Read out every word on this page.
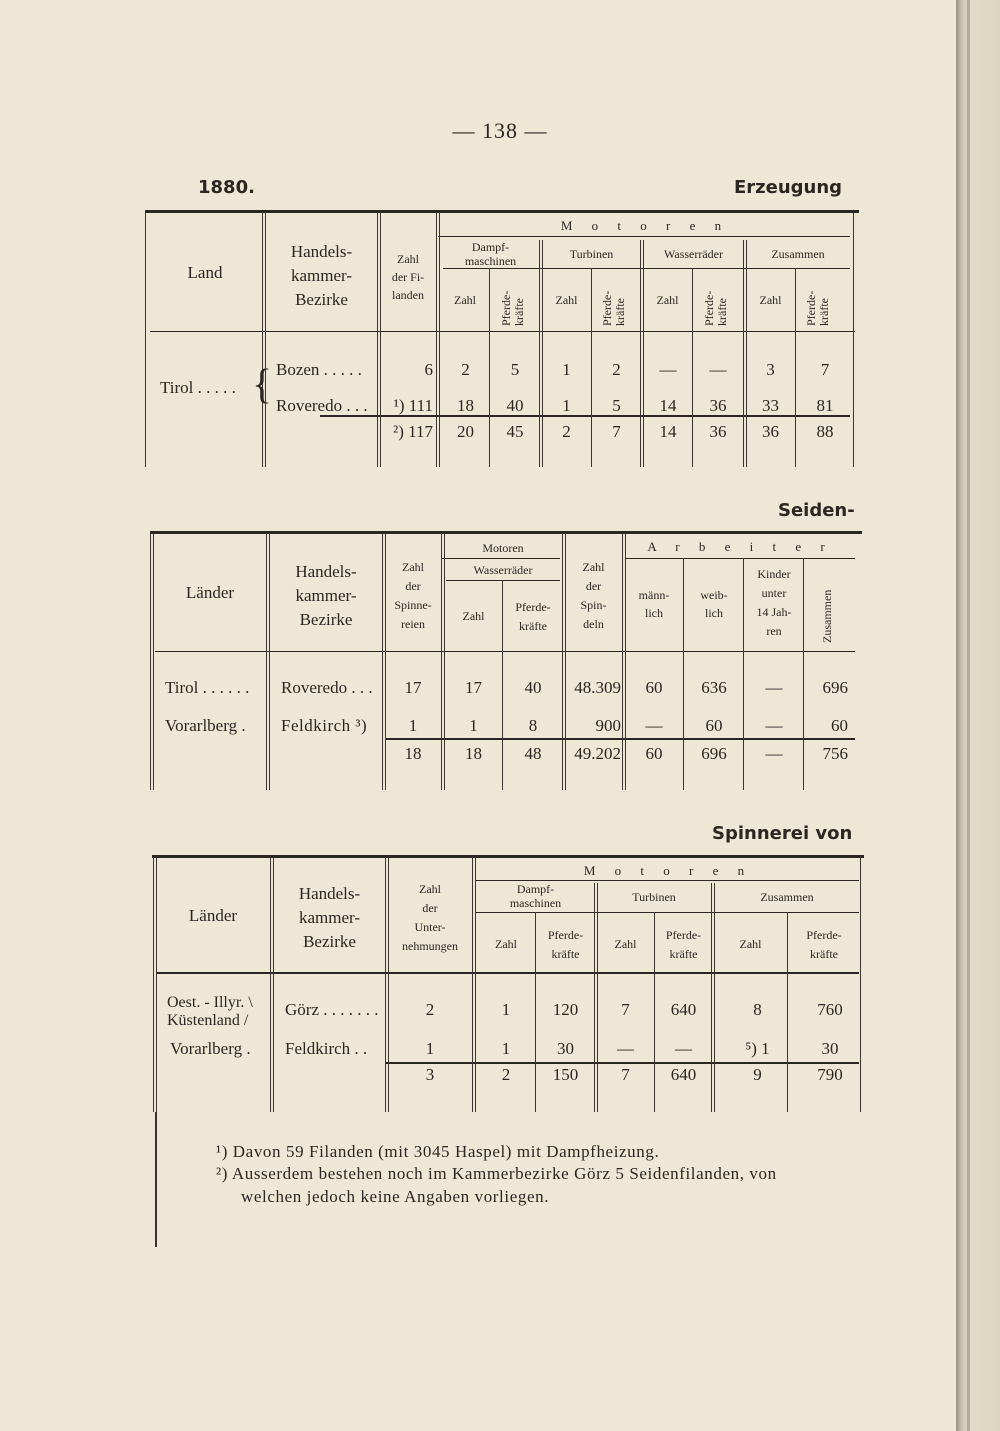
— 138 —
1880.	Erzeugung
Land
Handels-
kammer-
Bezirke
Zahl
der Fi-
landen
M o t o r e n
Dampf-
maschinen	Turbinen	Wasserräder	Zusammen
Zahl	Zahl	Zahl	Zahl
Pferde-
kräfte	Pferde-
kräfte	Pferde-
kräfte	Pferde-
kräfte
Tirol . . . . . { Bozen . . . . .	6	2	5	1	2	—	—	3	7
Roveredo . . .	¹) 111	18	40	1	5	14	36	33	81
²) 117	20	45	2	7	14	36	36	88
Seiden-
Länder
Handels-
kammer-
Bezirke
Zahl
der
Spinne-
reien
Motoren
Wasserräder
Zahl
Pferde-
kräfte
Zahl
der
Spin-
deln
A r b e i t e r
männ-
lich
weib-
lich
Kinder
unter
14 Jah-
ren	Zusammen
Tirol . . . . . . Roveredo . . .	17	17	40	48.309	60	636	—	696
Vorarlberg . Feldkirch ³)	1	1	8	900	—	60	—	60
18	18	48	49.202	60	696	—	756
Spinnerei von
Länder
Handels-
kammer-
Bezirke
Zahl
der
Unter-
nehmungen
M o t o r e n
Dampf-
maschinen	Turbinen	Zusammen
Zahl
Pferde-
kräfte
Zahl
Pferde-
kräfte
Zahl
Pferde-
kräfte
Oest. - Illyr. \
Küstenland /
Görz . . . . . . .	2	1	120	7	640	8	760
Vorarlberg . Feldkirch . .	1	1	30	—	—	⁵) 1	30
3	2	150	7	640	9	790
¹) Davon 59 Filanden (mit 3045 Haspel) mit Dampfheizung.
²) Ausserdem bestehen noch im Kammerbezirke Görz 5 Seidenfilanden, von
welchen jedoch keine Angaben vorliegen.
